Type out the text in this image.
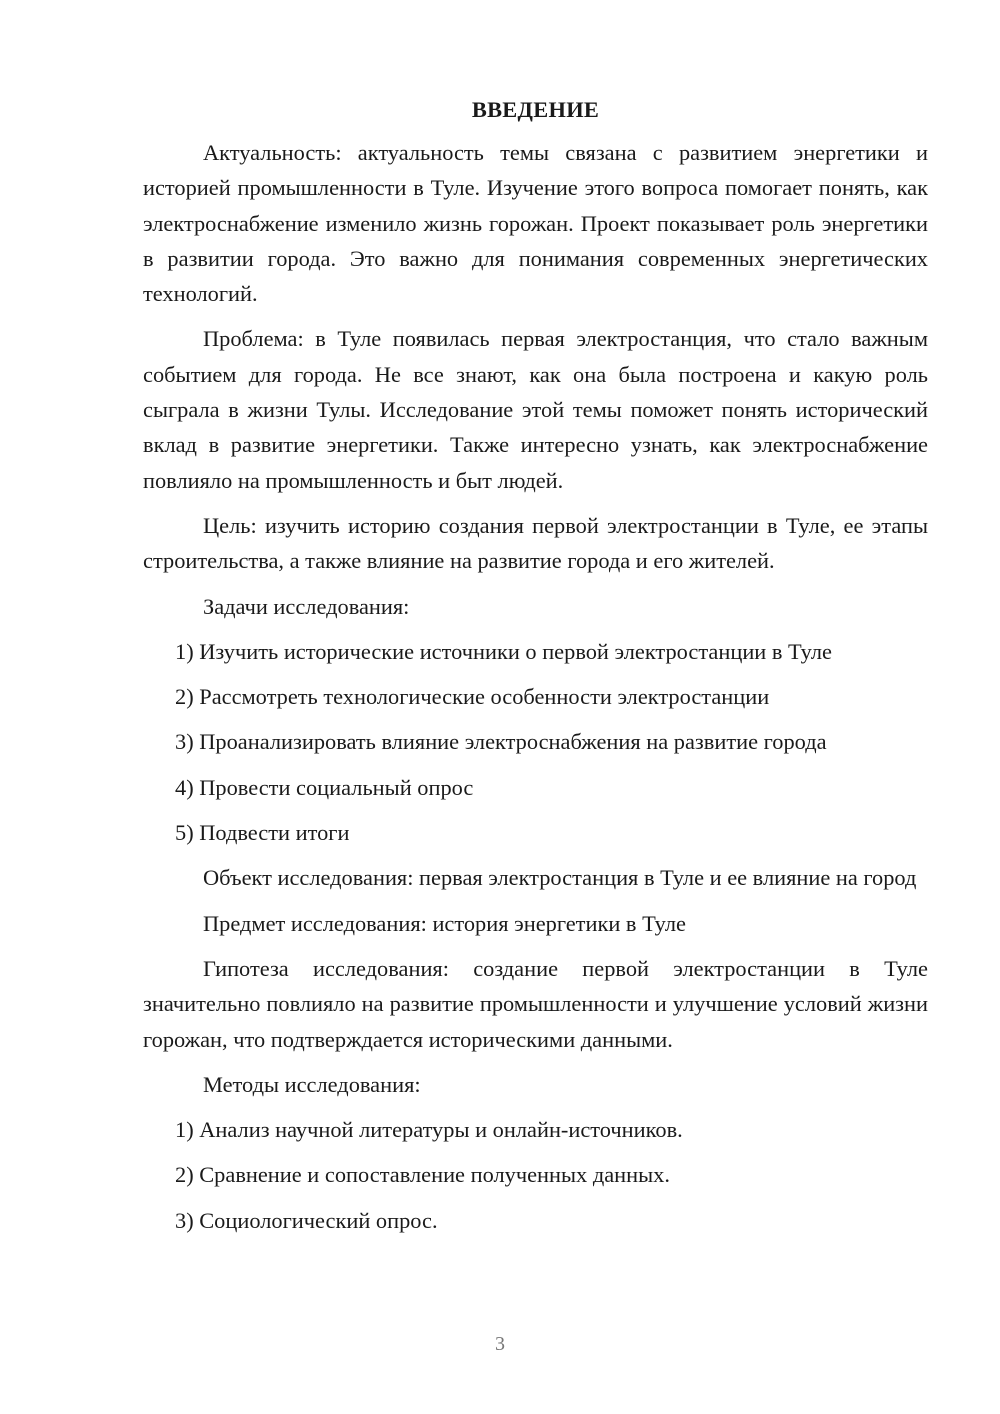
ВВЕДЕНИЕ

Актуальность: актуальность темы связана с развитием энергетики и историей промышленности в Туле. Изучение этого вопроса помогает понять, как электроснабжение изменило жизнь горожан. Проект показывает роль энергетики в развитии города. Это важно для понимания современных энергетических технологий.

Проблема: в Туле появилась первая электростанция, что стало важным событием для города. Не все знают, как она была построена и какую роль сыграла в жизни Тулы. Исследование этой темы поможет понять исторический вклад в развитие энергетики. Также интересно узнать, как электроснабжение повлияло на промышленность и быт людей.

Цель: изучить историю создания первой электростанции в Туле, ее этапы строительства, а также влияние на развитие города и его жителей.

Задачи исследования:

1) Изучить исторические источники о первой электростанции в Туле

2) Рассмотреть технологические особенности электростанции

3) Проанализировать влияние электроснабжения на развитие города

4) Провести социальный опрос

5) Подвести итоги

Объект исследования: первая электростанция в Туле и ее влияние на город

Предмет исследования: история энергетики в Туле

Гипотеза исследования: создание первой электростанции в Туле значительно повлияло на развитие промышленности и улучшение условий жизни горожан, что подтверждается историческими данными.

Методы исследования:

1) Анализ научной литературы и онлайн-источников.

2) Сравнение и сопоставление полученных данных.

3) Социологический опрос.

3
